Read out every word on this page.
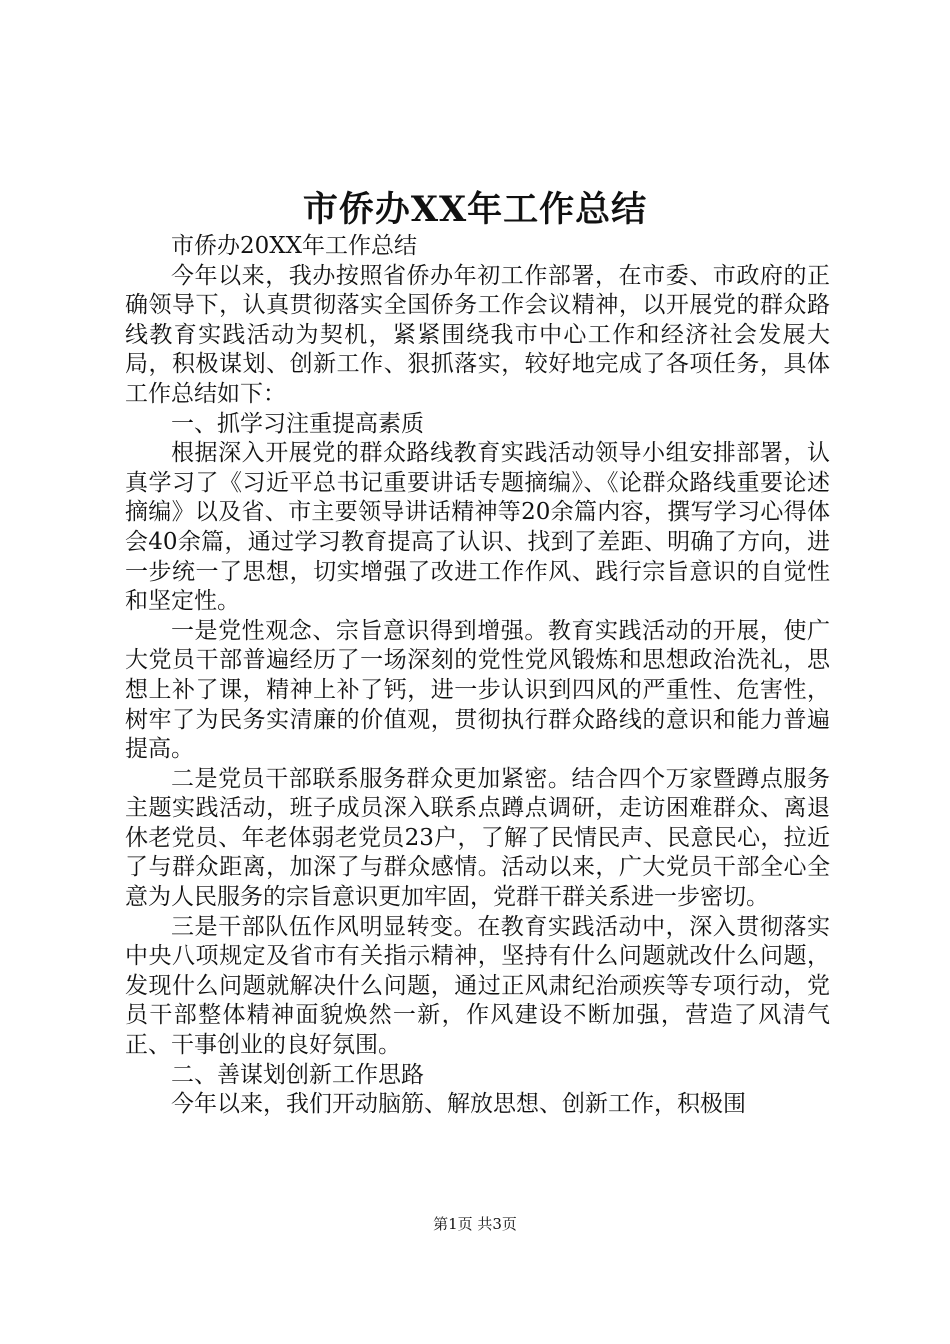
市侨办XX年工作总结

市侨办20XX年工作总结

今年以来，我办按照省侨办年初工作部署，在市委、市政府的正确领导下，认真贯彻落实全国侨务工作会议精神，以开展党的群众路线教育实践活动为契机，紧紧围绕我市中心工作和经济社会发展大局，积极谋划、创新工作、狠抓落实，较好地完成了各项任务，具体工作总结如下：

一、抓学习注重提高素质

根据深入开展党的群众路线教育实践活动领导小组安排部署，认真学习了《习近平总书记重要讲话专题摘编》、《论群众路线重要论述摘编》以及省、市主要领导讲话精神等20余篇内容，撰写学习心得体会40余篇，通过学习教育提高了认识、找到了差距、明确了方向，进一步统一了思想，切实增强了改进工作作风、践行宗旨意识的自觉性和坚定性。

一是党性观念、宗旨意识得到增强。教育实践活动的开展，使广大党员干部普遍经历了一场深刻的党性党风锻炼和思想政治洗礼，思想上补了课，精神上补了钙，进一步认识到四风的严重性、危害性，树牢了为民务实清廉的价值观，贯彻执行群众路线的意识和能力普遍提高。

二是党员干部联系服务群众更加紧密。结合四个万家暨蹲点服务主题实践活动，班子成员深入联系点蹲点调研，走访困难群众、离退休老党员、年老体弱老党员23户，了解了民情民声、民意民心，拉近了与群众距离，加深了与群众感情。活动以来，广大党员干部全心全意为人民服务的宗旨意识更加牢固，党群干群关系进一步密切。

三是干部队伍作风明显转变。在教育实践活动中，深入贯彻落实中央八项规定及省市有关指示精神，坚持有什么问题就改什么问题，发现什么问题就解决什么问题，通过正风肃纪治顽疾等专项行动，党员干部整体精神面貌焕然一新，作风建设不断加强，营造了风清气正、干事创业的良好氛围。

二、善谋划创新工作思路

今年以来，我们开动脑筋、解放思想、创新工作，积极围

第1页 共3页
